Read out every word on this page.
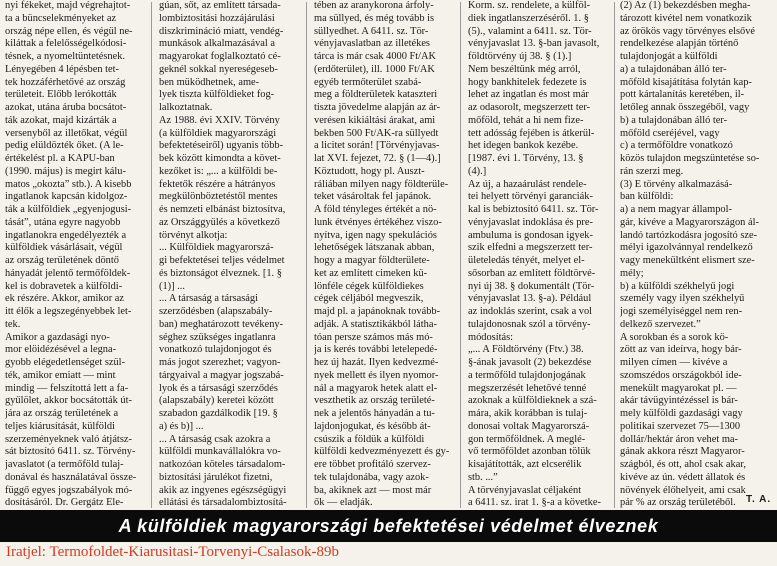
nyi fékeket, majd végrehajtot-
ta a büncselekményeket az
ország népe ellen, és végül ne-
kiláttak a felelősségelkódosi-
tésnek, a nyomeltüntetésnek.
Lényegében 4 lépésben tet-
tek hozzáférhetővé az ország
területeit. Előbb lerókották
azokat, utána áruba bocsátot-
ták azokat, majd kizárták a
versenyből az illetőkat, végül
pedig elüldözték őket. (A le-
értékelést pl. a KAPU-ban
(1990. május) is megirt kálu-
matos „okozta” stb.). A kisebb
ingatlanok kapcsán kidolgoz-
ták a külföldiek „egyenjogusi-
tását”, utána egyre nagyobb
ingatlanokra engedélyezték a
külföldiek vásárlásait, végül
az ország területének döntő
hányadát jelentő termőföldek-
kel is dobravetek a külföldi-
ek részére. Akkor, amikor az
itt élők a legszegényebbek let-
tek.
Amikor a gazdasági nyo-
mor elöidézésével a legna-
gyobb elégedetlenséget szül-
ték, amikor emiatt — mint
mindig — felszítottá lett a fa-
gyűlölet, akkor bocsátották út-
jára az ország területének a
teljes kiárusítását, külföldi
szerzeményeknek való átjátsz-
sát biztosító 6411. sz. Törvény-
javaslatot (a termőföld tulaj-
donával és használatával össze-
függő egyes jogszabályok mó-
dosításáról. Dr. Gergátz Ele-

gúan, sőt, az említett társada-
lombiztositási hozzájárulási
diszkrimináció miatt, vendég-
munkások alkalmazásával a
magyarokat foglalkoztató cé-
geknél sokkal nyereségeseb-
ben müködhetnek, ame-
lyek tiszta külföldieket fog-
lalkoztatnak.
Az 1988. évi XXIV. Törvény
(a külföldiek magyarországi
befektetéseiről) ugyanis több-
bek között kimondta a követ-
kezőket is: „... a külföldi be-
fektetők részére a hátrányos
megkülönböztetéstől mentes
és nemzeti elbánást biztosítva,
az Országgyülés a következő
törvényt alkotja:
... Külföldiek magyarorszá-
gi befektetései teljes védelmet
és biztonságot élveznek. [1. §
(1)] ...
... A társaság a társasági
szerződésben (alapszabály-
ban) meghatározott tevékeny-
séghez szükséges ingatlanra
vonatkozó tulajdonjogot és
más jogot szerezhet; vagyon-
tárgyaival a magyar jogszabá-
lyok és a társasági szerződés
(alapszabály) keretei között
szabadon gazdálkodik [19. §
a) és b)] ...
... A társaság csak azokra a
külföldi munkavállalókra vo-
natkozóan köteles társadalom-
biztosítási járulékot fizetni,
akik az ingyenes egészségügyi
ellátási és társadalombiztosítá-

tében az aranykorona árfoly-
ma süllyed, és még tovább is
süllyedhet. A 6411. sz. Tör-
vényjavaslatban az illetékes
tárca is már csak 4000 Ft/AK
(erdőterület), ill. 1000 Ft/AK
egyéb termőterület szabá-
meg a földterületek kataszteri
tiszta jövedelme alapján az ár-
verésen kikiáltási árakat, ami
bekben 500 Ft/AK-ra süllyedt
a licitet során! [Törvényjavas-
lat XVI. fejezet, 72. § (1—4).]
Köztudott, hogy pl. Auszt-
ráliában milyen nagy földterüle-
teket vásároltak fel japánok.
A föld tényleges értékét a nö-
lunk étvényes értékéhez viszo-
nyítva, igen nagy spekulációs
lehetőségek látszanak abban,
hogy a magyar földterülete-
ket az említett cimeken kü-
lönféle cégek külföldiekes
cégek céljából megveszik,
majd pl. a japánoknak tovább-
adják. A statisztikákból látha-
tóan persze számos más mó-
ja is kerés további letelepedé-
hez új hazát. Ilyen kedvezmé-
nyek mellett és ilyen nyomor-
nál a magyarok hetek alatt el-
veszthetik az ország területé-
nek a jelentős hányadán a tu-
lajdonjogukat, és később át-
csúszik a földük a külföldi
külföldi kedvezményezett és gy-
ere többet profitáló szervez-
tek tulajdonába, vagy azok-
ba, akiknek azt — most már
ők — eladják.

Korm. sz. rendelete, a külföl-
diek ingatlanszerzéséről. 1. §
(5)., valamint a 6411. sz. Tör-
vényjavaslat 13. §-ban javasolt,
földtörvény új 38. § (1).]
Nem beszéltünk még arról,
hogy bankhitelek fedezete is
lehet az ingatlan és most már
az odasorolt, megszerzett ter-
mőföld, tehát a hi nem fize-
tett adósság fejében is átkerül-
het idegen bankok kezébe.
[1987. évi 1. Törvény, 13. §
(4).]
Az új, a hazaárulást rendele-
tei helyett törvényi garanciák-
kal is bebiztosító 6411. sz. Tör-
vényjavaslat indoklása és pre-
ambuluma is gondosan igyek-
szik elfedni a megszerzett ter-
ületeledás tényét, melyet el-
sősorban az említett földtörvé-
nyi új 38. § dokumentált (Tör-
vényjavaslat 13. §-a). Például
az indoklás szerint, csak a vol
tulajdonosnak szól a törvény-
módosítás:
„... A Földtörvény (Ftv.) 38.
§-ának javasolt (2) bekezdése
a termőföld tulajdonjogának
megszerzését lehetővé tenné
azoknak a külföldieknek a szá-
mára, akik korábban is tulaj-
donosai voltak Magyarorszá-
gon termőföldnek. A meglé-
vő termőföldet azonban tölük
kisajátították, azt elcserélik
stb. ...”
A törvényjavaslat céljaként
a 6411. sz. irat 1. §-a a követke-

(2) Az (1) bekezdésben megha-
tározott kivétel nem vonatkozik
az örökös vagy törvényes elsővé
rendelkezése alapján történő
tulajdonjogát a külföldi
a) a tulajdonában álló ter-
mőföld kisajátítása folytán kap-
pott kártalanítás keretében, il-
letőleg annak összegéből, vagy
b) a tulajdonában álló ter-
mőföld cseréjével, vagy
c) a termőföldre vonatkozó
közös tulajdon megszüntetése so-
rán szerzi meg.
(3) E törvény alkalmazásá-
ban külföldi:
a) a nem magyar állampol-
gár, kivéve a Magyarországon ál-
landó tartózkodásra jogosító sze-
mélyi igazolvánnyal rendelkező
vagy menekültként elismert sze-
mély;
b) a külföldi székhelyű jogi
személy vagy ilyen székhelyű
jogi személyiséggel nem ren-
delkező szervezet.”
A sorokban és a sorok kö-
zött az van ideírva, hogy bár-
milyen címen — kivéve a
szomszédos országokból ide-
menekült magyarokat pl. —
akár távügyintézéssel is bár-
mely külföldi gazdasági vagy
politikai szervezet 75—1300
dollár/hektár áron vehet ma-
gának akkora részt Magyaror-
szágból, és ott, ahol csak akar,
kivéve az ún. védett állatok és
növények élőhelyeit, ami csak
pár % az ország területéből.	T. A.
A külföldiek magyarországi befektetései védelmet élveznek
Iratjel: Termofoldet-Kiarusitasi-Torvenyi-Csalasok-89b
